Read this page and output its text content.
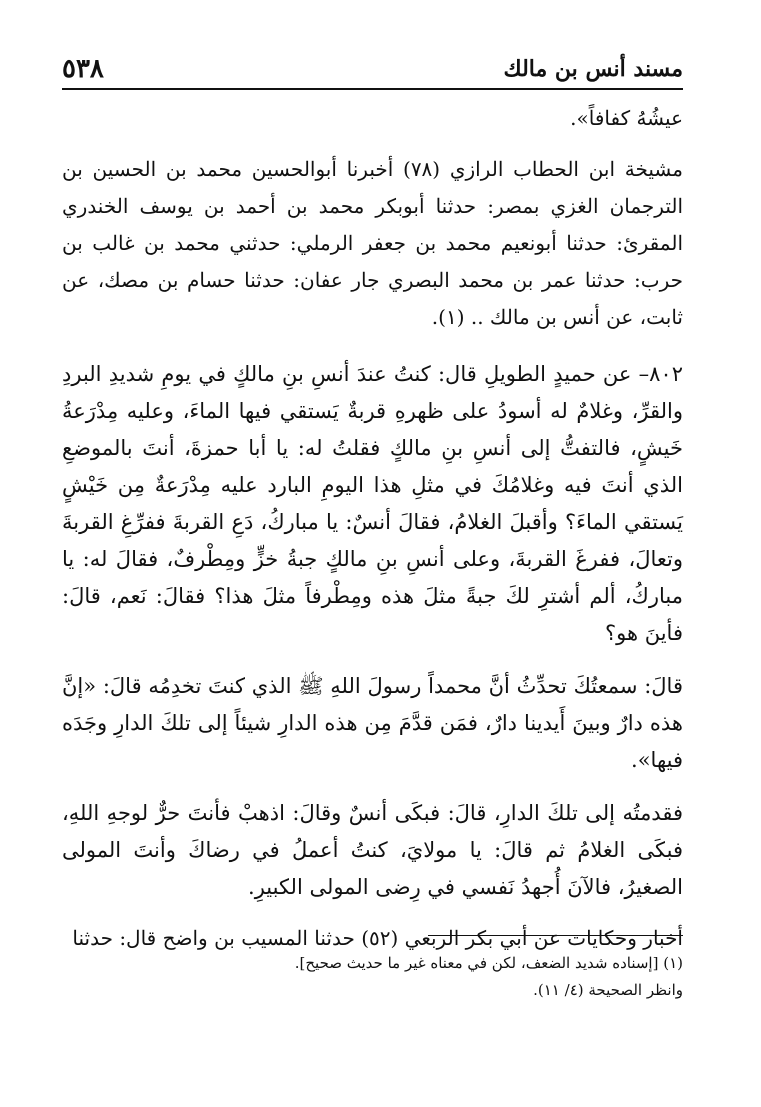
٥٣٨	مسند أنس بن مالك

عيشُهُ كفافاً».

مشيخة ابن الحطاب الرازي (٧٨) أخبرنا أبوالحسين محمد بن الحسين بن الترجمان الغزي بمصر: حدثنا أبوبكر محمد بن أحمد بن يوسف الخندري المقرئ: حدثنا أبونعيم محمد بن جعفر الرملي: حدثني محمد بن غالب بن حرب: حدثنا عمر بن محمد البصري جار عفان: حدثنا حسام بن مصك، عن ثابت، عن أنس بن مالك .. (١).

٨٠٢– عن حميدٍ الطويلِ قال: كنتُ عندَ أنسِ بنِ مالكٍ في يومِ شديدِ البردِ والقرِّ، وغلامٌ له أسودُ على ظهرهِ قربةٌ يَستقي فيها الماءَ، وعليه مِدْرَعةُ خَيشٍ، فالتفتُّ إلى أنسِ بنِ مالكٍ فقلتُ له: يا أبا حمزةَ، أنتَ بالموضعِ الذي أنتَ فيه وغلامُكَ في مثلِ هذا اليومِ البارد عليه مِدْرَعةٌ مِن خَيْشٍ يَستقي الماءَ؟ وأقبلَ الغلامُ، فقالَ أنسٌ: يا مباركُ، دَعِ القربةَ ففرِّغِ القربةَ وتعالَ، ففرغَ القربةَ، وعلى أنسِ بنِ مالكٍ جبةُ خزٍّ ومِطْرفٌ، فقالَ له: يا مباركُ، ألم أشترِ لكَ جبةً مثلَ هذه ومِطْرفاً مثلَ هذا؟ فقالَ: نَعم، قالَ: فأينَ هو؟

قالَ: سمعتُكَ تحدِّثُ أنَّ محمداً رسولَ اللهِ ﷺ الذي كنتَ تخدِمُه قالَ: «إنَّ هذه دارٌ وبينَ أَيدينا دارٌ، فمَن قدَّمَ مِن هذه الدارِ شيئاً إلى تلكَ الدارِ وجَدَه فيها».

فقدمتُه إلى تلكَ الدارِ، قالَ: فبكَى أنسٌ وقالَ: اذهبْ فأنتَ حرٌّ لوجهِ اللهِ، فبكَى الغلامُ ثم قالَ: يا مولايَ، كنتُ أعملُ في رضاكَ وأنتَ المولى الصغيرُ، فالآنَ أُجهدُ نَفسي في رِضى المولى الكبيرِ.

أخبار وحكايات عن أبي بكر الربعي (٥٢) حدثنا المسيب بن واضح قال: حدثنا

(١) [إسناده شديد الضعف، لكن في معناه غير ما حديث صحيح].

وانظر الصحيحة (٤/ ١١).
